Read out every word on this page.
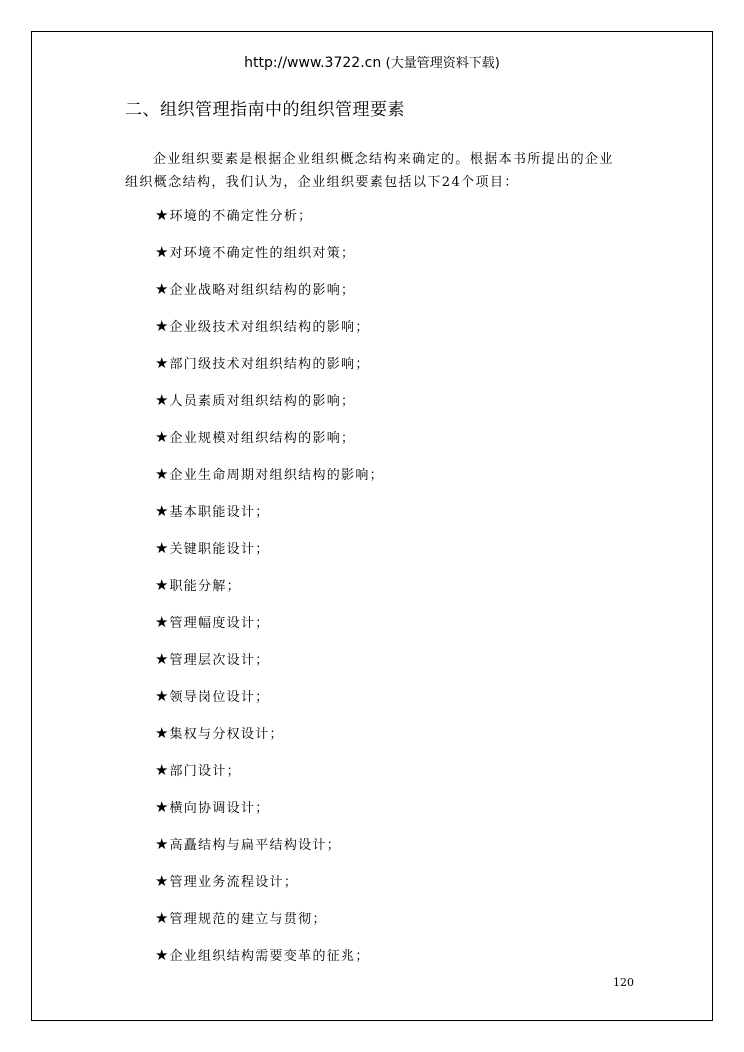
http://www.3722.cn (大量管理资料下载)
二、组织管理指南中的组织管理要素
企业组织要素是根据企业组织概念结构来确定的。根据本书所提出的企业
组织概念结构，我们认为，企业组织要素包括以下24个项目：
★环境的不确定性分析；
★对环境不确定性的组织对策；
★企业战略对组织结构的影响；
★企业级技术对组织结构的影响；
★部门级技术对组织结构的影响；
★人员素质对组织结构的影响；
★企业规模对组织结构的影响；
★企业生命周期对组织结构的影响；
★基本职能设计；
★关键职能设计；
★职能分解；
★管理幅度设计；
★管理层次设计；
★领导岗位设计；
★集权与分权设计；
★部门设计；
★横向协调设计；
★高矗结构与扁平结构设计；
★管理业务流程设计；
★管理规范的建立与贯彻；
★企业组织结构需要变革的征兆；
120
